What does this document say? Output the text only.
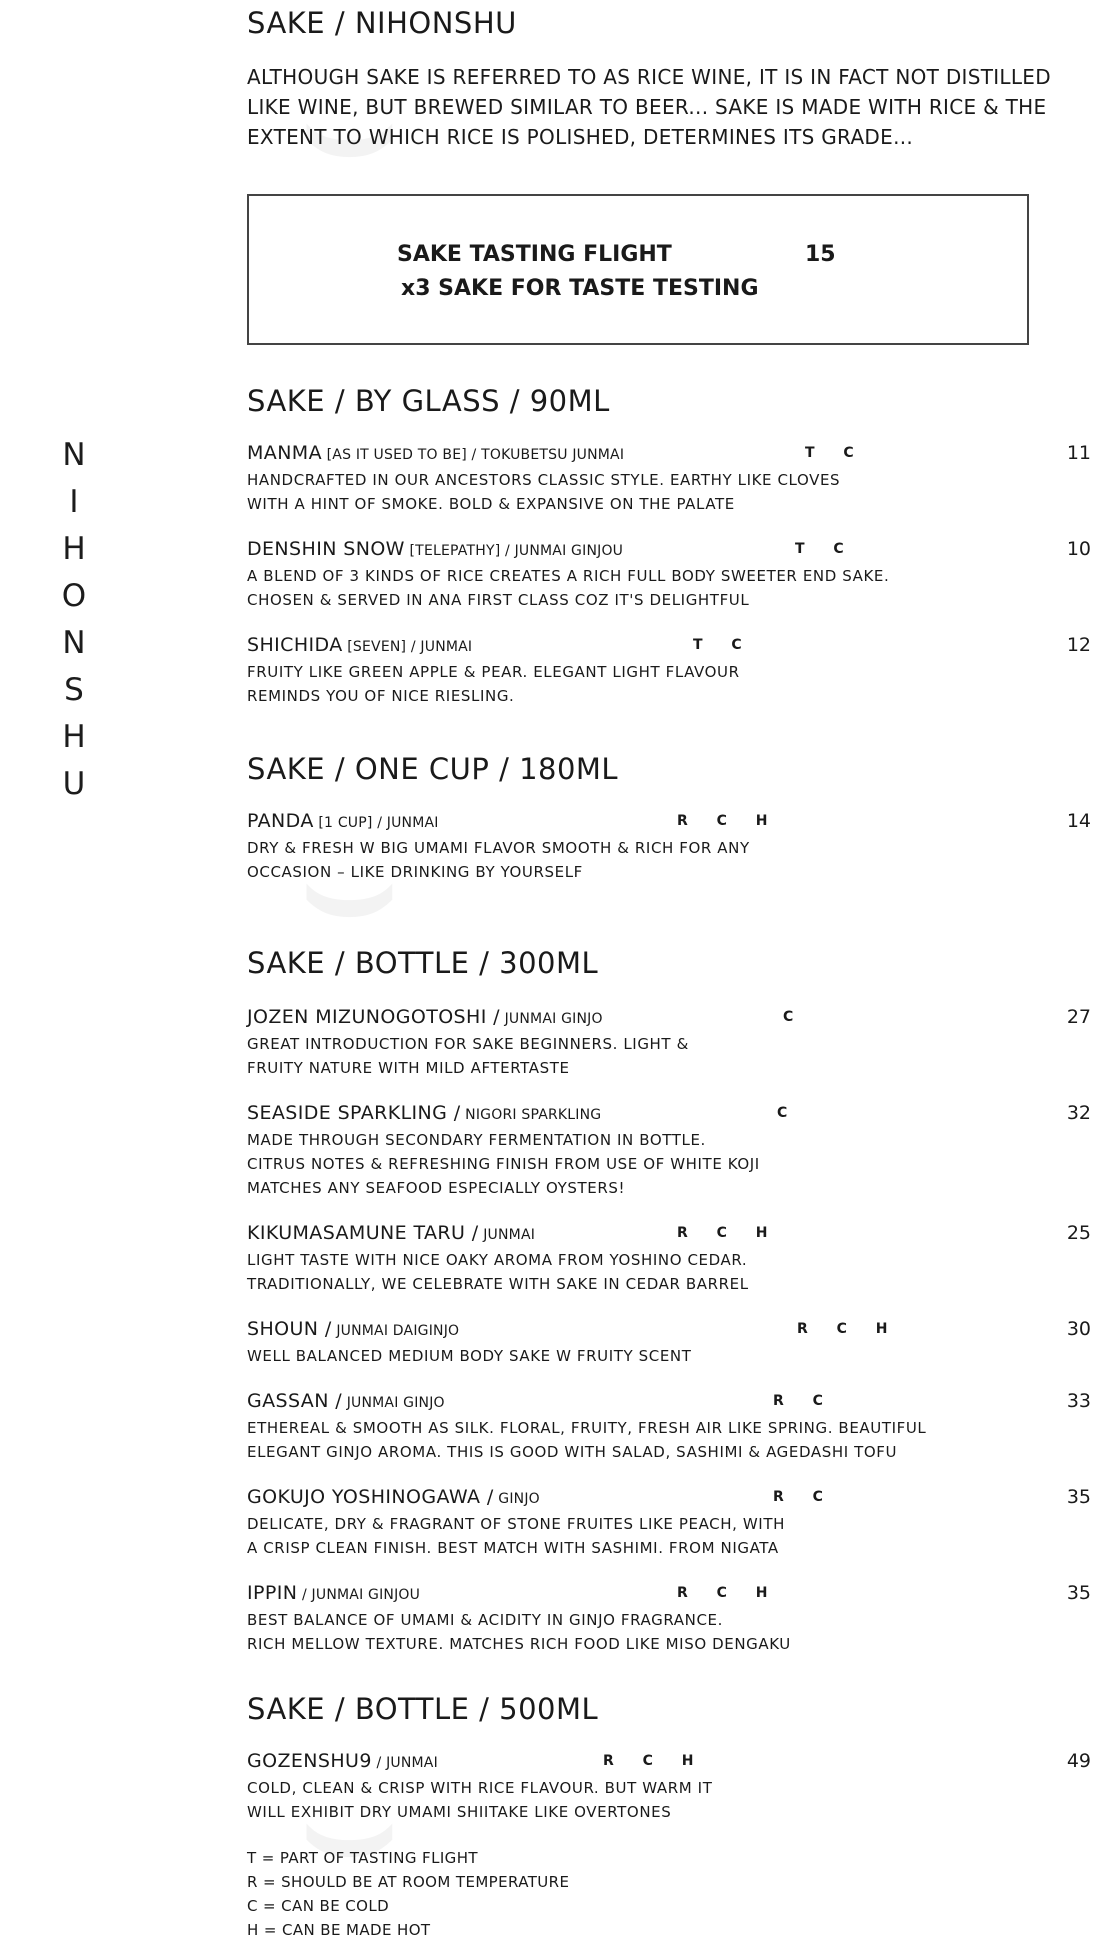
N
I
H
O
N
S
H
U
SAKE / NIHONSHU
ALTHOUGH SAKE IS REFERRED TO AS RICE WINE, IT IS IN FACT NOT DISTILLED LIKE WINE, BUT BREWED SIMILAR TO BEER... SAKE IS MADE WITH RICE & THE EXTENT TO WHICH RICE IS POLISHED, DETERMINES ITS GRADE...
SAKE TASTING FLIGHT	15
x3 SAKE FOR TASTE TESTING
SAKE / BY GLASS / 90ML
MANMA [AS IT USED TO BE] / TOKUBETSU JUNMAI	T C	11
HANDCRAFTED IN OUR ANCESTORS CLASSIC STYLE. EARTHY LIKE CLOVES
WITH A HINT OF SMOKE. BOLD & EXPANSIVE ON THE PALATE
DENSHIN SNOW [TELEPATHY] / JUNMAI GINJOU	T C	10
A BLEND OF 3 KINDS OF RICE CREATES A RICH FULL BODY SWEETER END SAKE.
CHOSEN & SERVED IN ANA FIRST CLASS COZ IT'S DELIGHTFUL
SHICHIDA [SEVEN] / JUNMAI	T C	12
FRUITY LIKE GREEN APPLE & PEAR. ELEGANT LIGHT FLAVOUR
REMINDS YOU OF NICE RIESLING.
SAKE / ONE CUP / 180ML
PANDA [1 CUP] / JUNMAI	R C H	14
DRY & FRESH W BIG UMAMI FLAVOR SMOOTH & RICH FOR ANY
OCCASION – LIKE DRINKING BY YOURSELF
SAKE / BOTTLE / 300ML
JOZEN MIZUNOGOTOSHI / JUNMAI GINJO	C	27
GREAT INTRODUCTION FOR SAKE BEGINNERS. LIGHT &
FRUITY NATURE WITH MILD AFTERTASTE
SEASIDE SPARKLING / NIGORI SPARKLING	C	32
MADE THROUGH SECONDARY FERMENTATION IN BOTTLE.
CITRUS NOTES & REFRESHING FINISH FROM USE OF WHITE KOJI
MATCHES ANY SEAFOOD ESPECIALLY OYSTERS!
KIKUMASAMUNE TARU / JUNMAI	R C H	25
LIGHT TASTE WITH NICE OAKY AROMA FROM YOSHINO CEDAR.
TRADITIONALLY, WE CELEBRATE WITH SAKE IN CEDAR BARREL
SHOUN / JUNMAI DAIGINJO	R C H	30
WELL BALANCED MEDIUM BODY SAKE W FRUITY SCENT
GASSAN / JUNMAI GINJO	R C	33
ETHEREAL & SMOOTH AS SILK. FLORAL, FRUITY, FRESH AIR LIKE SPRING. BEAUTIFUL
ELEGANT GINJO AROMA. THIS IS GOOD WITH SALAD, SASHIMI & AGEDASHI TOFU
GOKUJO YOSHINOGAWA / GINJO	R C	35
DELICATE, DRY & FRAGRANT OF STONE FRUITES LIKE PEACH, WITH
A CRISP CLEAN FINISH. BEST MATCH WITH SASHIMI. FROM NIGATA
IPPIN / JUNMAI GINJOU	R C H	35
BEST BALANCE OF UMAMI & ACIDITY IN GINJO FRAGRANCE.
RICH MELLOW TEXTURE. MATCHES RICH FOOD LIKE MISO DENGAKU
SAKE / BOTTLE / 500ML
GOZENSHU9 / JUNMAI	R C H	49
COLD, CLEAN & CRISP WITH RICE FLAVOUR. BUT WARM IT
WILL EXHIBIT DRY UMAMI SHIITAKE LIKE OVERTONES
T = PART OF TASTING FLIGHT
R = SHOULD BE AT ROOM TEMPERATURE
C = CAN BE COLD
H = CAN BE MADE HOT
